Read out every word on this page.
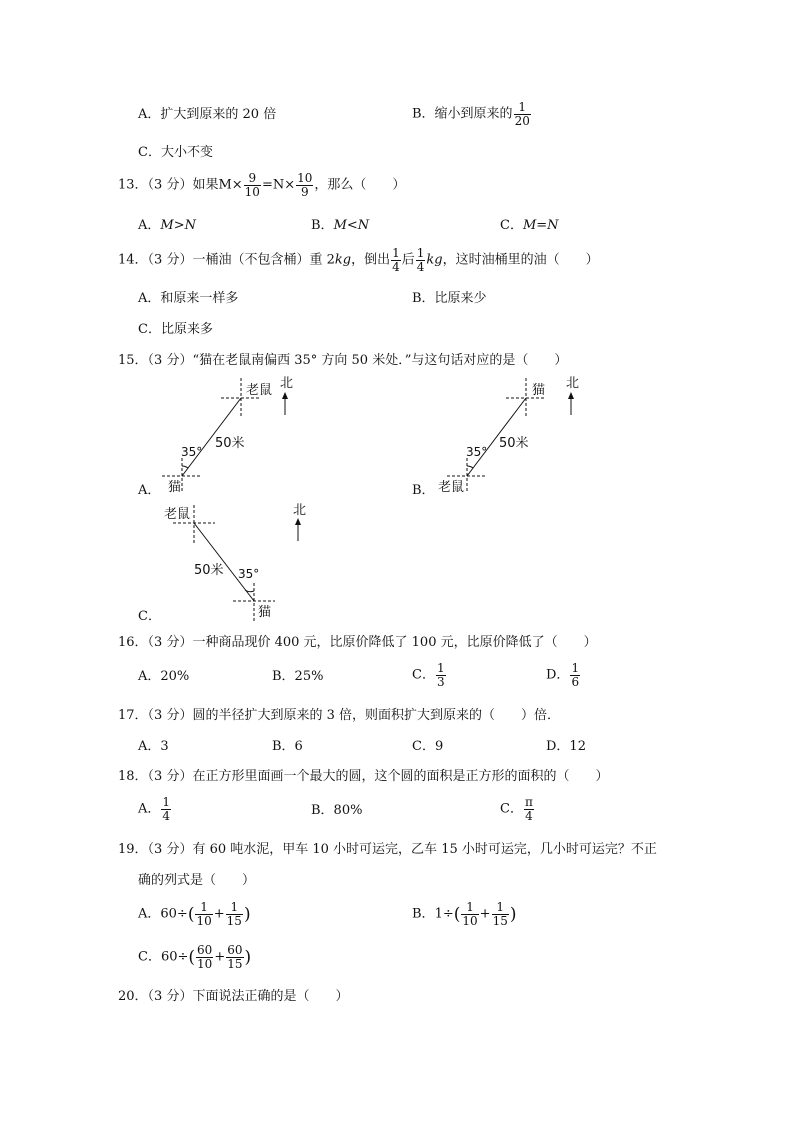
A．扩大到原来的 20 倍	B．缩小到原来的 $\frac{1}{20}$
C．大小不变
13．（3 分）如果$M\times \frac{9}{10} =N\times \frac{10}{9}$ ，那么（　　）
A．M>N	B．M<N	C．M=N
14．（3 分）一桶油（不包含桶）重 2kg，倒出 $\frac{1}{4}$ 后 $\frac{1}{4}$ kg，这时油桶里的油（　　）
A．和原来一样多	B．比原来少
C．比原来多
15．（3 分）“猫在老鼠南偏西 35° 方向 50 米处．”与这句话对应的是（　　）
A．	B．
C．
老鼠 北
50米
35°
猫
猫 北
50米
35°
老鼠
老鼠	北
50米 35°
猫
16．（3 分）一种商品现价 400 元，比原价降低了 100 元，比原价降低了（　　）
A．20%	B．25%	C． $\frac{1}{3}$	D． $\frac{1}{6}$
17．（3 分）圆的半径扩大到原来的 3 倍，则面积扩大到原来的（　　）倍．
A．3	B．6	C．9	D．12
18．（3 分）在正方形里面画一个最大的圆，这个圆的面积是正方形的面积的（　　）
A． $\frac{1}{4}$	B．80%	C． $\frac{\pi}{4}$
19．（3 分）有 60 吨水泥，甲车 10 小时可运完，乙车 15 小时可运完，几小时可运完？不正
确的列式是（　　）
A．$60\div( \frac{1}{10} + \frac{1}{15}$ )	B．$1\div( \frac{1}{10} + \frac{1}{15}$ )
C．$60\div( \frac{60}{10} + \frac{60}{15}$ )
20．（3 分）下面说法正确的是（　　）
